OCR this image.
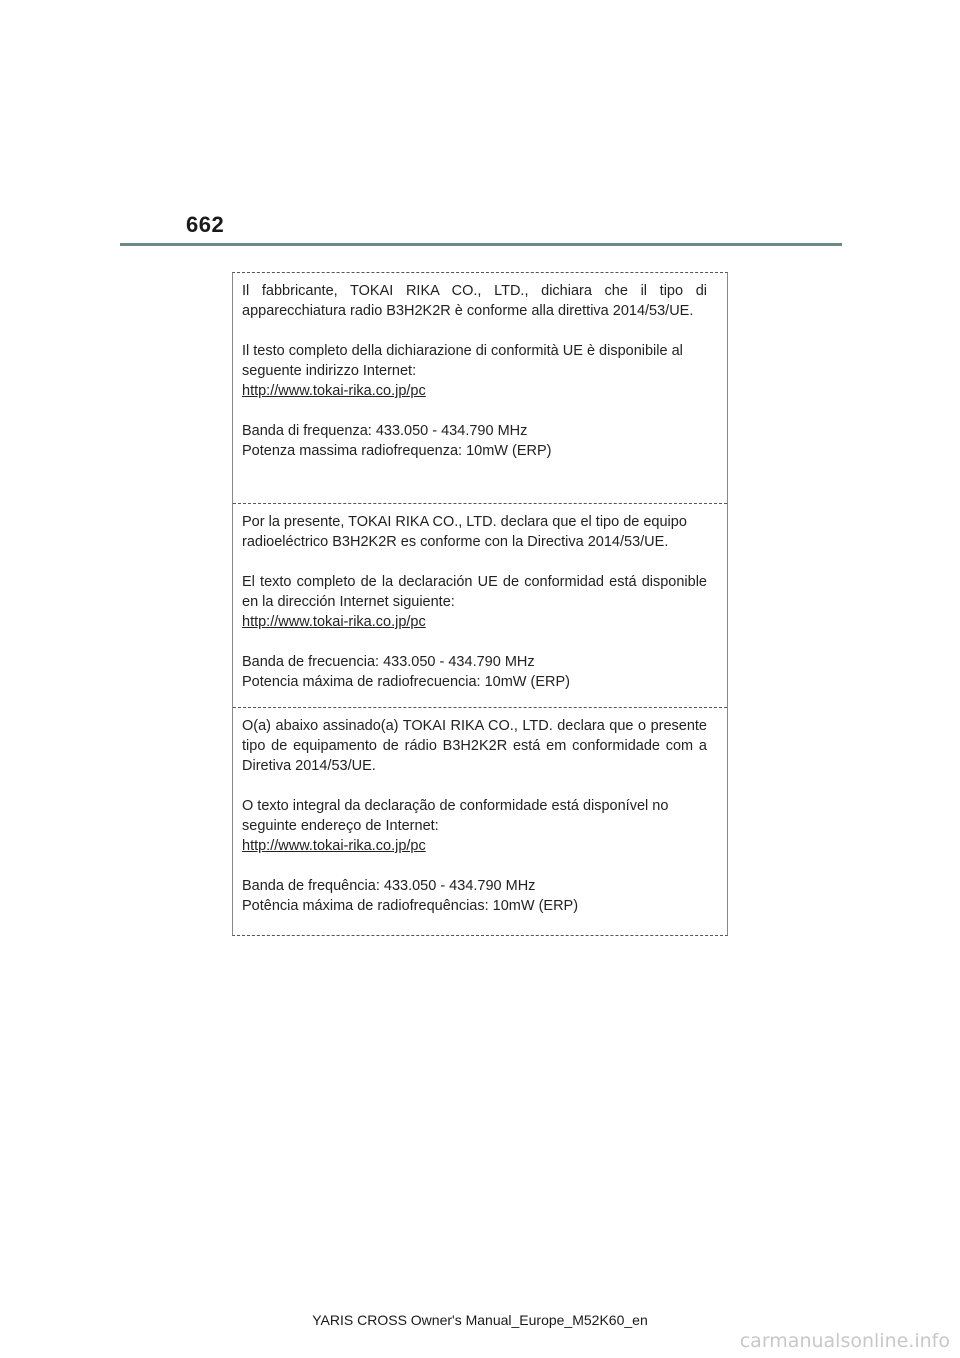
662

Il fabbricante, TOKAI RIKA CO., LTD., dichiara che il tipo di apparecchiatura radio B3H2K2R è conforme alla direttiva 2014/53/UE.

Il testo completo della dichiarazione di conformità UE è disponibile al seguente indirizzo Internet:
http://www.tokai-rika.co.jp/pc

Banda di frequenza: 433.050 - 434.790 MHz
Potenza massima radiofrequenza: 10mW (ERP)

Por la presente, TOKAI RIKA CO., LTD. declara que el tipo de equipo radioeléctrico B3H2K2R es conforme con la Directiva 2014/53/UE.

El texto completo de la declaración UE de conformidad está disponible en la dirección Internet siguiente:
http://www.tokai-rika.co.jp/pc

Banda de frecuencia: 433.050 - 434.790 MHz
Potencia máxima de radiofrecuencia: 10mW (ERP)

O(a) abaixo assinado(a) TOKAI RIKA CO., LTD. declara que o presente tipo de equipamento de rádio B3H2K2R está em conformidade com a Diretiva 2014/53/UE.

O texto integral da declaração de conformidade está disponível no seguinte endereço de Internet:
http://www.tokai-rika.co.jp/pc

Banda de frequência: 433.050 - 434.790 MHz
Potência máxima de radiofrequências: 10mW (ERP)

YARIS CROSS Owner's Manual_Europe_M52K60_en
carmanualsonline.info
